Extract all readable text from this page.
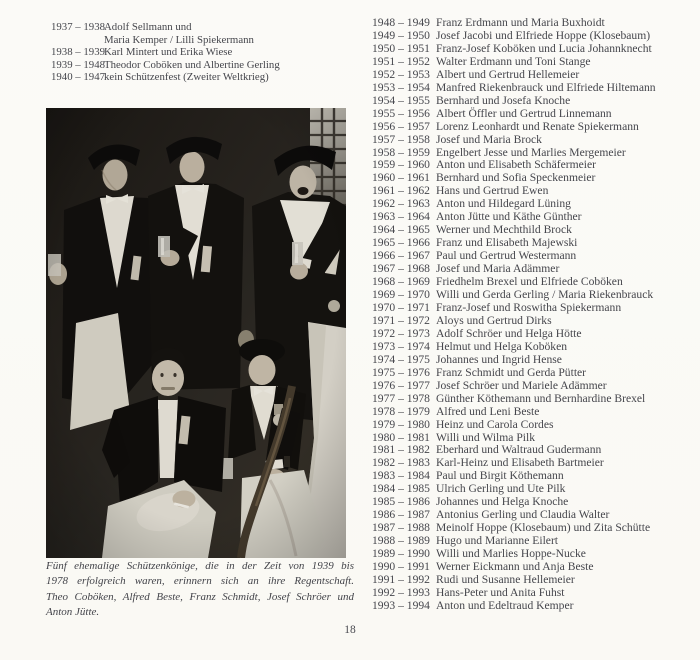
1937 – 1938 Adolf Sellmann und
Maria Kemper / Lilli Spiekermann
1938 – 1939 Karl Mintert und Erika Wiese
1939 – 1948 Theodor Coböken und Albertine Gerling
1940 – 1947 kein Schützenfest (Zweiter Weltkrieg)
Fünf ehemalige Schützenkönige, die in der Zeit von 1939 bis
1978 erfolgreich waren, erinnern sich an ihre Regentschaft.
Theo Coböken, Alfred Beste, Franz Schmidt, Josef Schröer und
Anton Jütte.
1948 – 1949 Franz Erdmann und Maria Buxhoidt
1949 – 1950 Josef Jacobi und Elfriede Hoppe (Klosebaum)
1950 – 1951 Franz-Josef Koböken und Lucia Johannknecht
1951 – 1952 Walter Erdmann und Toni Stange
1952 – 1953 Albert und Gertrud Hellemeier
1953 – 1954 Manfred Riekenbrauck und Elfriede Hiltemann
1954 – 1955 Bernhard und Josefa Knoche
1955 – 1956 Albert Öffler und Gertrud Linnemann
1956 – 1957 Lorenz Leonhardt und Renate Spiekermann
1957 – 1958 Josef und Maria Brock
1958 – 1959 Engelbert Jesse und Marlies Mergemeier
1959 – 1960 Anton und Elisabeth Schäfermeier
1960 – 1961 Bernhard und Sofia Speckenmeier
1961 – 1962 Hans und Gertrud Ewen
1962 – 1963 Anton und Hildegard Lüning
1963 – 1964 Anton Jütte und Käthe Günther
1964 – 1965 Werner und Mechthild Brock
1965 – 1966 Franz und Elisabeth Majewski
1966 – 1967 Paul und Gertrud Westermann
1967 – 1968 Josef und Maria Adämmer
1968 – 1969 Friedhelm Brexel und Elfriede Coböken
1969 – 1970 Willi und Gerda Gerling / Maria Riekenbrauck
1970 – 1971 Franz-Josef und Roswitha Spiekermann
1971 – 1972 Aloys und Gertrud Dirks
1972 – 1973 Adolf Schröer und Helga Hötte
1973 – 1974 Helmut und Helga Koböken
1974 – 1975 Johannes und Ingrid Hense
1975 – 1976 Franz Schmidt und Gerda Pütter
1976 – 1977 Josef Schröer und Mariele Adämmer
1977 – 1978 Günther Köthemann und Bernhardine Brexel
1978 – 1979 Alfred und Leni Beste
1979 – 1980 Heinz und Carola Cordes
1980 – 1981 Willi und Wilma Pilk
1981 – 1982 Eberhard und Waltraud Gudermann
1982 – 1983 Karl-Heinz und Elisabeth Bartmeier
1983 – 1984 Paul und Birgit Köthemann
1984 – 1985 Ulrich Gerling und Ute Pilk
1985 – 1986 Johannes und Helga Knoche
1986 – 1987 Antonius Gerling und Claudia Walter
1987 – 1988 Meinolf Hoppe (Klosebaum) und Zita Schütte
1988 – 1989 Hugo und Marianne Eilert
1989 – 1990 Willi und Marlies Hoppe-Nucke
1990 – 1991 Werner Eickmann und Anja Beste
1991 – 1992 Rudi und Susanne Hellemeier
1992 – 1993 Hans-Peter und Anita Fuhst
1993 – 1994 Anton und Edeltraud Kemper
18
